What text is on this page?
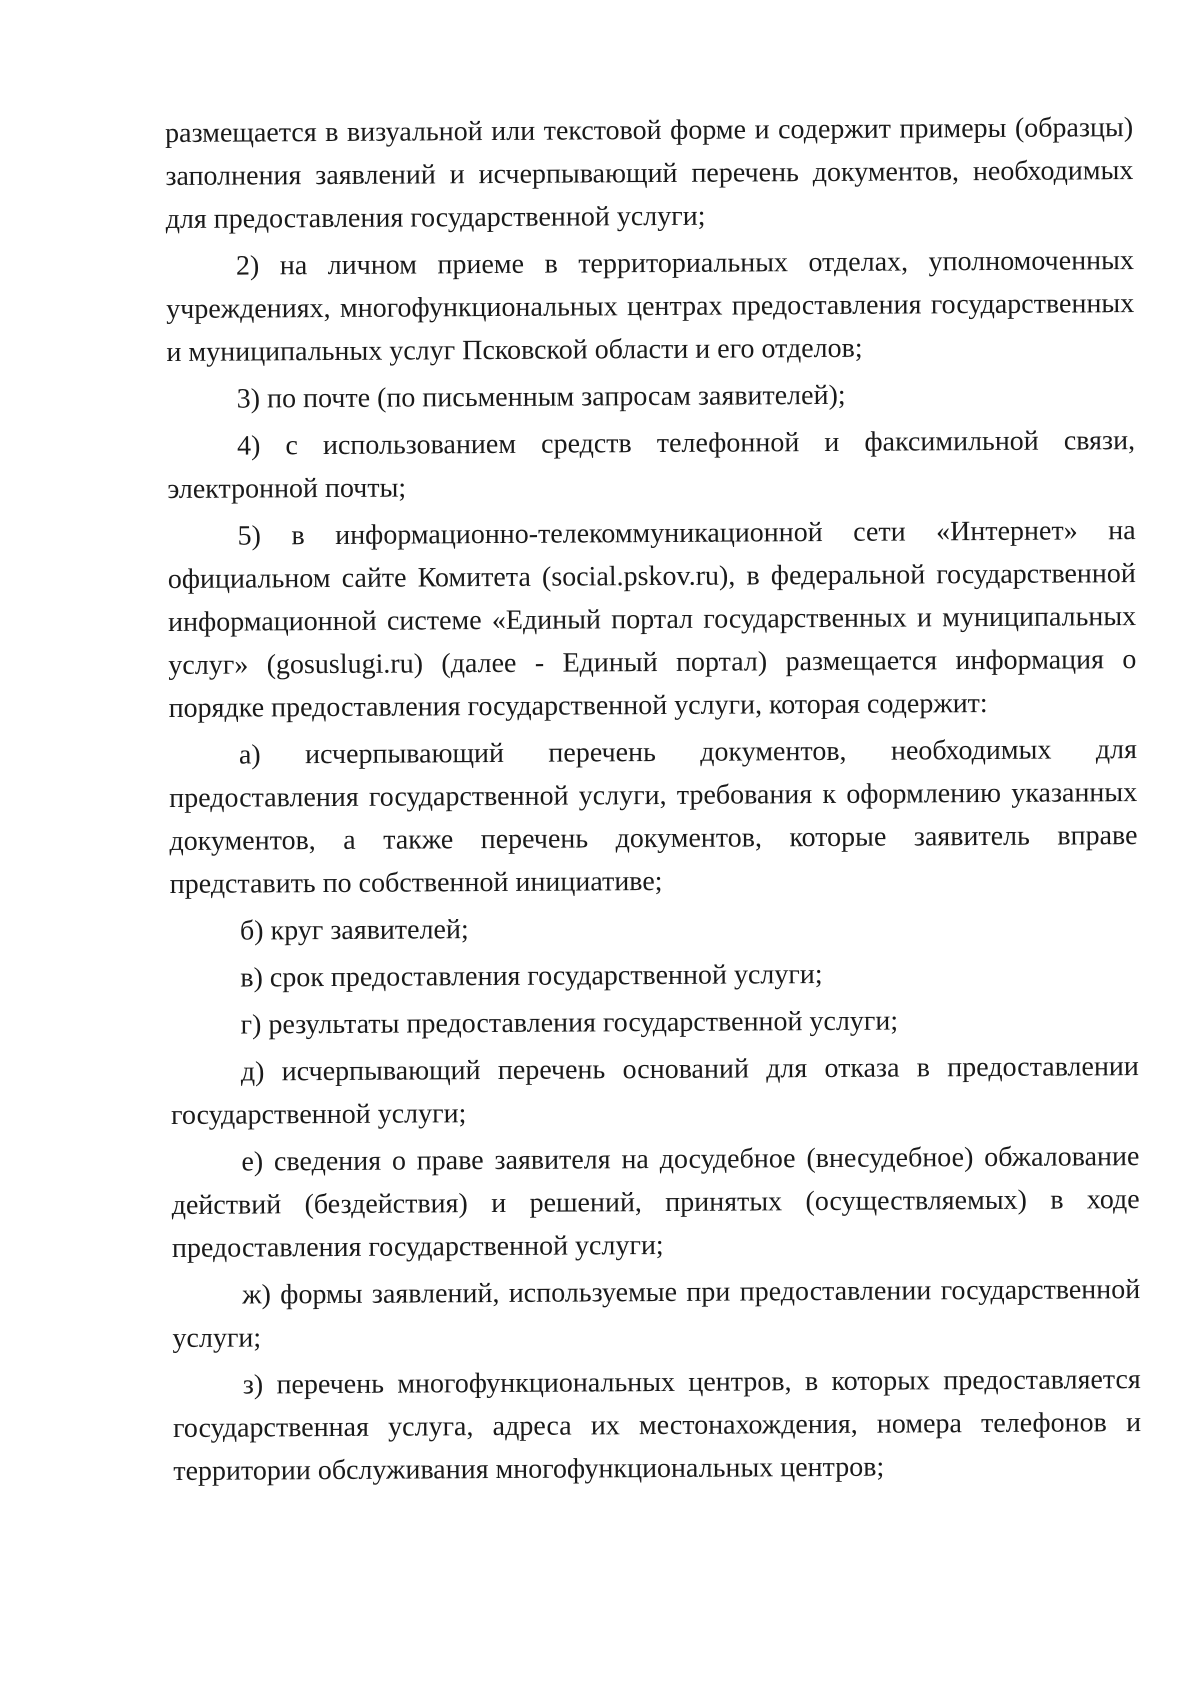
размещается в визуальной или текстовой форме и содержит примеры (образцы) заполнения заявлений и исчерпывающий перечень документов, необходимых для предоставления государственной услуги;

2) на личном приеме в территориальных отделах, уполномоченных учреждениях, многофункциональных центрах предоставления государственных и муниципальных услуг Псковской области и его отделов;

3) по почте (по письменным запросам заявителей);

4) с использованием средств телефонной и факсимильной связи, электронной почты;

5) в информационно-телекоммуникационной сети «Интернет» на официальном сайте Комитета (social.pskov.ru), в федеральной государственной информационной системе «Единый портал государственных и муниципальных услуг» (gosuslugi.ru) (далее - Единый портал) размещается информация о порядке предоставления государственной услуги, которая содержит:

а) исчерпывающий перечень документов, необходимых для предоставления государственной услуги, требования к оформлению указанных документов, а также перечень документов, которые заявитель вправе представить по собственной инициативе;

б) круг заявителей;

в) срок предоставления государственной услуги;

г) результаты предоставления государственной услуги;

д) исчерпывающий перечень оснований для отказа в предоставлении государственной услуги;

е) сведения о праве заявителя на досудебное (внесудебное) обжалование действий (бездействия) и решений, принятых (осуществляемых) в ходе предоставления государственной услуги;

ж) формы заявлений, используемые при предоставлении государственной услуги;

з) перечень многофункциональных центров, в которых предоставляется государственная услуга, адреса их местонахождения, номера телефонов и территории обслуживания многофункциональных центров;
